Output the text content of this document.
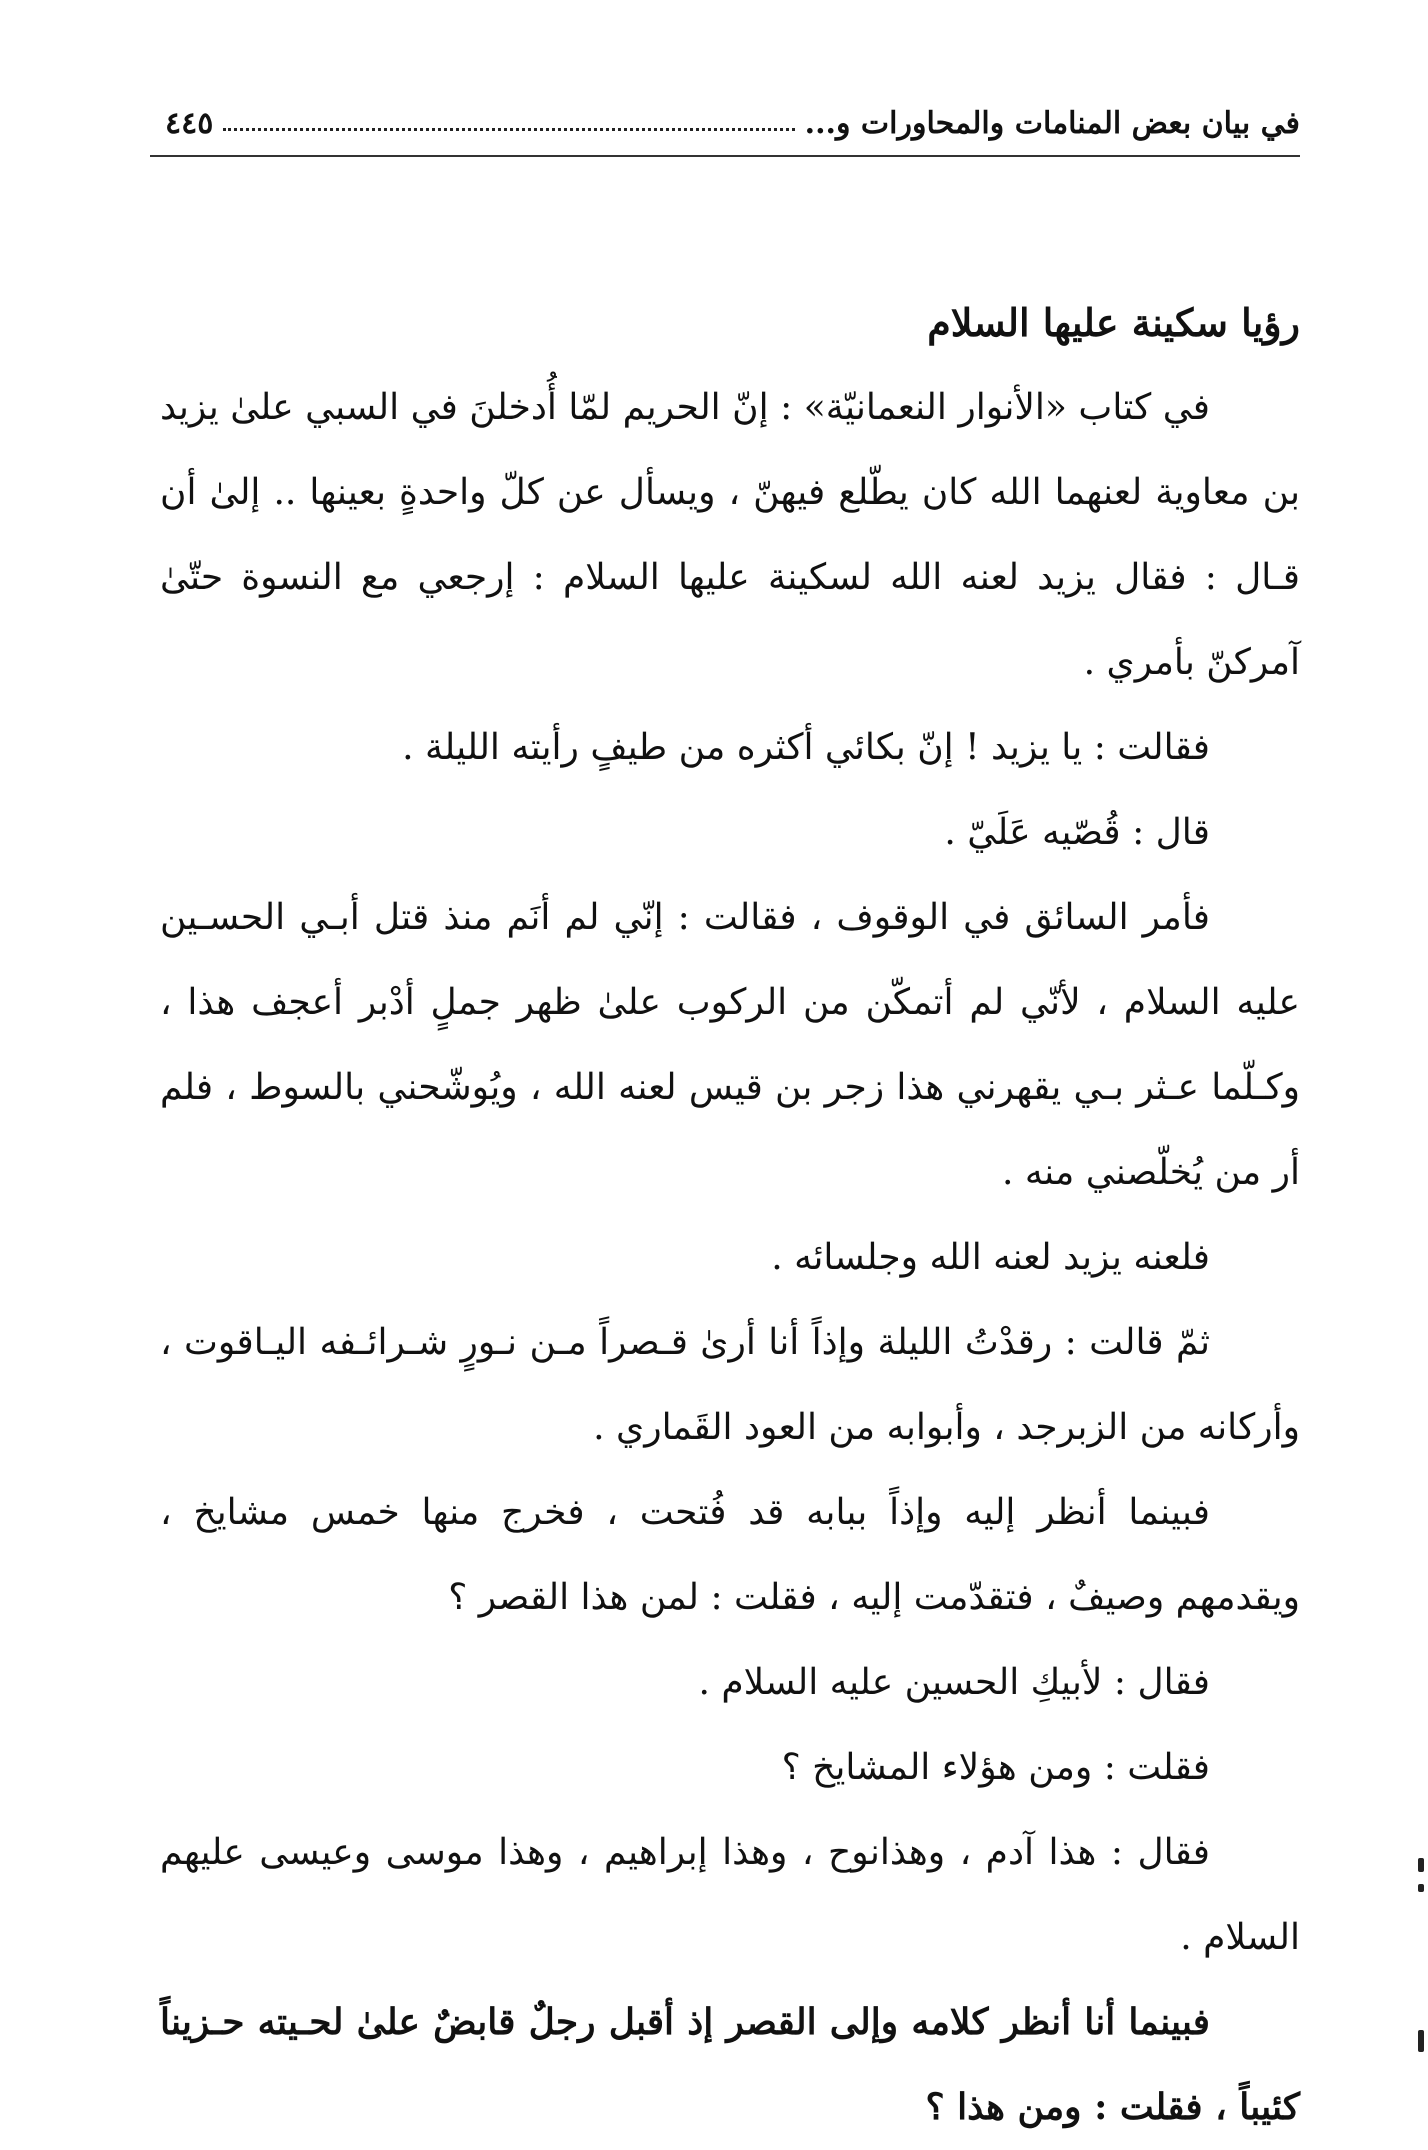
في بيان بعض المنامات والمحاورات و...
٤٤٥

رؤيا سكينة عليها السلام

في كتاب «الأنوار النعمانيّة» : إنّ الحريم لمّا أُدخلنَ في السبي علىٰ يزيد بن معاوية لعنهما الله كان يطّلع فيهنّ ، ويسأل عن كلّ واحدةٍ بعينها .. إلىٰ أن قـال : فقال يزيد لعنه الله لسكينة عليها السلام : إرجعي مع النسوة حتّىٰ آمركنّ بأمري .

فقالت : يا يزيد ! إنّ بكائي أكثره من طيفٍ رأيته الليلة .

قال : قُصّيه عَلَيّ .

فأمر السائق في الوقوف ، فقالت : إنّي لم أنَم منذ قتل أبـي الحسـين عليه السلام ، لأنّي لم أتمكّن من الركوب علىٰ ظهر جملٍ أدْبر أعجف هذا ، وكـلّما عـثر بـي يقهرني هذا زجر بن قيس لعنه الله ، ويُوشّحني بالسوط ، فلم أر من يُخلّصني منه .

فلعنه يزيد لعنه الله وجلسائه .

ثمّ قالت : رقدْتُ الليلة وإذاً أنا أرىٰ قـصراً مـن نـورٍ شـرائـفه اليـاقوت ، وأركانه من الزبرجد ، وأبوابه من العود القَماري .

فبينما أنظر إليه وإذاً ببابه قد فُتحت ، فخرج منها خمس مشايخ ، ويقدمهم وصيفٌ ، فتقدّمت إليه ، فقلت : لمن هذا القصر ؟

فقال : لأبيكِ الحسين عليه السلام .

فقلت : ومن هؤلاء المشايخ ؟

فقال : هذا آدم ، وهذانوح ، وهذا إبراهيم ، وهذا موسى وعيسى عليهم السلام .

فبينما أنا أنظر كلامه وإلى القصر إذ أقبل رجلٌ قابضٌ علىٰ لحـيته حـزيناً كئيباً ، فقلت : ومن هذا ؟
